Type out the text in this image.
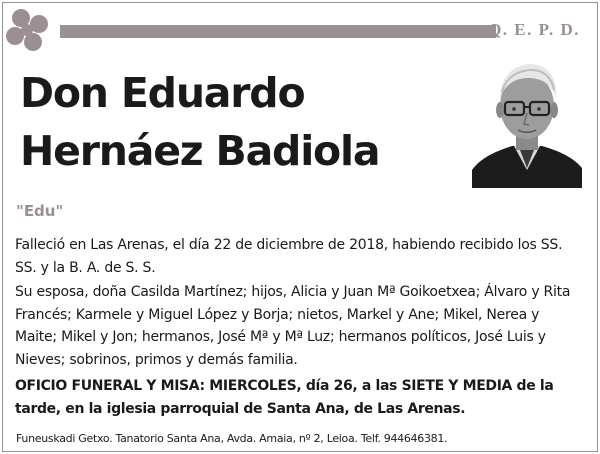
Q. E. P. D.
Don Eduardo
Hernáez Badiola
"Edu"

Falleció en Las Arenas, el día 22 de diciembre de 2018, habiendo recibido los SS. SS. y la B. A. de S. S.

Su esposa, doña Casilda Martínez; hijos, Alicia y Juan Mª Goikoetxea; Álvaro y Rita Francés; Karmele y Miguel López y Borja; nietos, Markel y Ane; Mikel, Nerea y Maite; Mikel y Jon; hermanos, José Mª y Mª Luz; hermanos políticos, José Luis y Nieves; sobrinos, primos y demás familia.

OFICIO FUNERAL Y MISA: MIERCOLES, día 26, a las SIETE Y MEDIA de la tarde, en la iglesia parroquial de Santa Ana, de Las Arenas.

Funeuskadi Getxo. Tanatorio Santa Ana, Avda. Amaia, nº 2, Leioa. Telf. 944646381.
